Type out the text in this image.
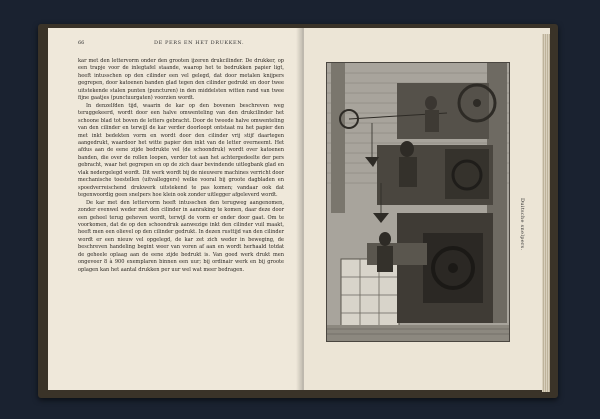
66	DE PERS EN HET DRUKKEN.

kar met den lettervorm onder den grooten ijzeren drukcilinder. De drukker, op een trapje voor de inlegtafel staande, waarop het te bedrukken papier ligt, heeft intusschen op den cilinder een vel gelegd, dat door metalen knijpers gegrepen, door katoenen banden glad tegen den cilinder gedrukt en door twee uitstekende stalen punten (puncturen) in den middelsten witten rand van twee fijne gaatjes (punctuurgaten) voorzien wordt.

In denzelfden tijd, waarin de kar op den bovenen beschreven weg teruggekeerd, wordt door een halve omwenteling van den drukcilinder het schoone blad tot boven de letters gebracht. Door de tweede halve omwenteling van den cilinder en terwijl de kar verder doorloopt ontstaat nu het papier den met inkt bedekten vorm en wordt door den cilinder vrij stijf daartegen aangedrukt, waardoor het witte papier den inkt van de letter overneemt. Het afdus aan de eene zijde bedrukte vel (de schoondruk) wordt over katoenen banden, die over de rollen loopen, verder tot aan het achtergedeelte der pers gebracht, waar het gegrepen en op de zich daar bevindende uitlegbank glad en vlak nedergelegd wordt. Dit werk wordt bij de nieuwere machines verricht door mechanische toestellen (uitvalleggers) welke vooral bij groote dagbladen en spoedverreischend drukwerk uitstekend te pas komen; vandaar ook dat tegenwoordig geen snelpers hoe klein ook zonder uitlegger afgeleverd wordt.

De kar met den lettervorm heeft intusschen den terugweg aangenomen, zonder evenwel weder met den cilinder in aanraking te komen, daar deze door een geheel terug geheven wordt, terwijl de vorm er onder door gaat. Om te voorkomen, dat de op den schoondruk aanwezige inkt den cilinder vuil maakt, heeft men een olievel op den cilinder gedrukt. In dezen rusttijd van den cilinder wordt er een nieuw vel opgelegd, de kar zet zich weder in beweging, de beschreven handeling begint weer van voren af aan en wordt herhaald totdat de geheele oplaag aan de eene zijde bedrukt is. Van goed werk drukt men ongeveer 8 à 900 exemplaren binnen een uur; bij ordinair werk en bij groote oplagen kan het aantal drukken per uur wel wat meer bedragen.

Duitsche snelpers.
